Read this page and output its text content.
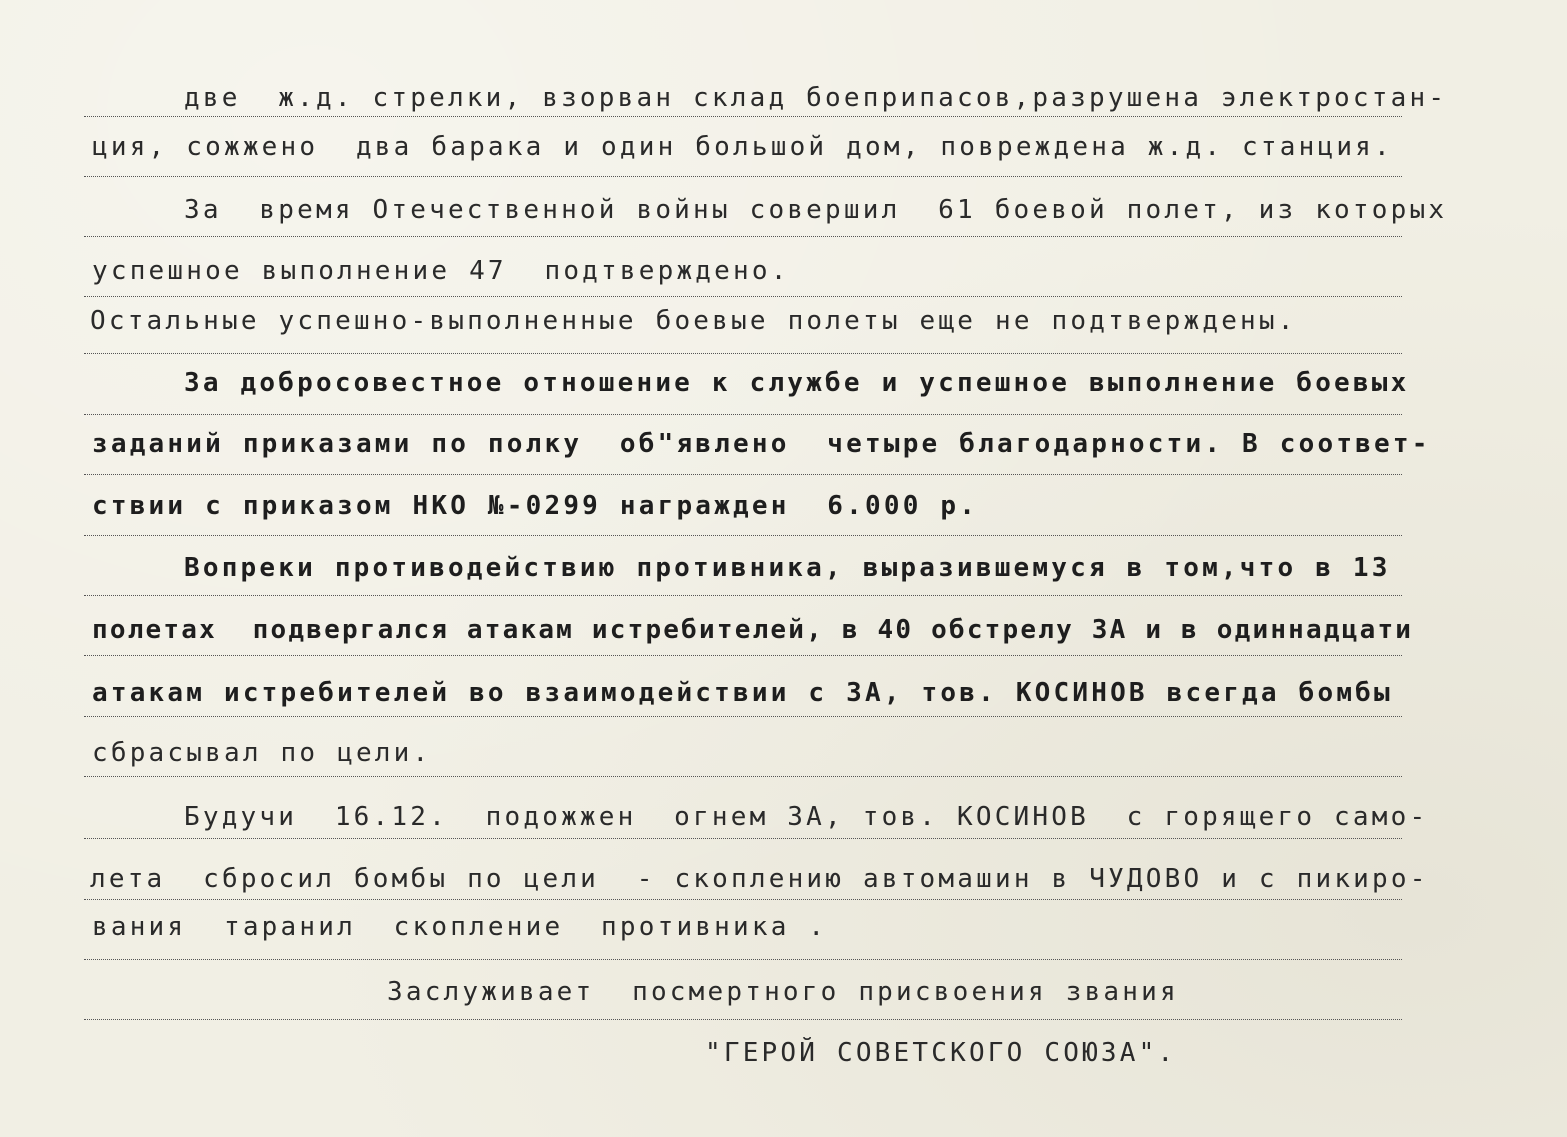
две  ж.д. стрелки, взорван склад боеприпасов,разрушена электростан-
ция, сожжено  два барака и один большой дом, повреждена ж.д. станция.
За  время Отечественной войны совершил  61 боевой полет, из которых
успешное выполнение 47  подтверждено.
Остальные успешно-выполненные боевые полеты еще не подтверждены.
За добросовестное отношение к службе и успешное выполнение боевых
заданий приказами по полку  об"явлено  четыре благодарности. В соответ-
ствии с приказом НКО №-0299 награжден  6.000 р.
Вопреки противодействию противника, выразившемуся в том,что в 13
полетах  подвергался атакам истребителей, в 40 обстрелу ЗА и в одиннадцати
атакам истребителей во взаимодействии с ЗА, тов. КОСИНОВ всегда бомбы
сбрасывал по цели.
Будучи  16.12.  подожжен  огнем ЗА, тов. КОСИНОВ  с горящего само-
лета  сбросил бомбы по цели  - скоплению автомашин в ЧУДОВО и с пикиро-
вания  таранил  скопление  противника .
Заслуживает  посмертного присвоения звания
"ГЕРОЙ СОВЕТСКОГО СОЮЗА".
